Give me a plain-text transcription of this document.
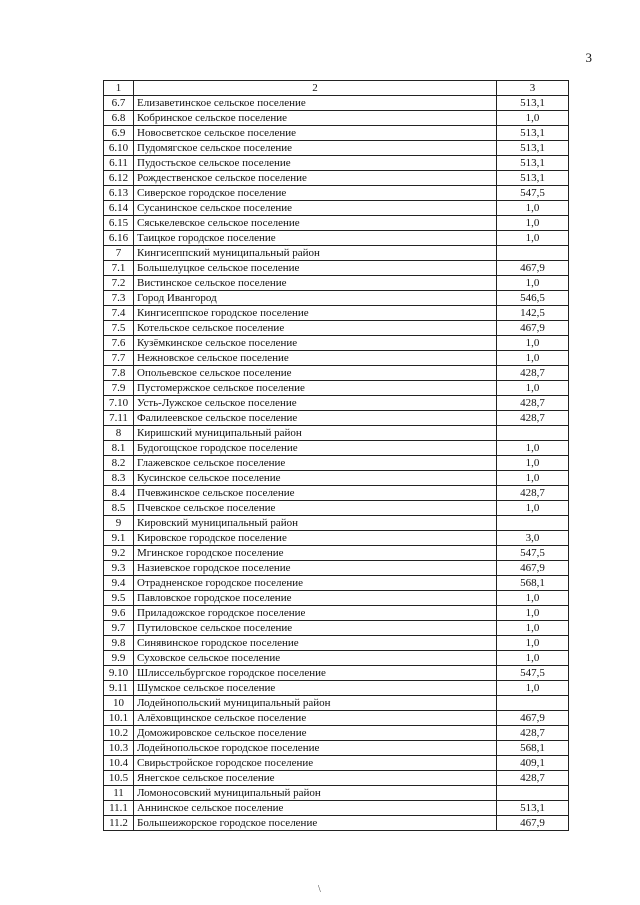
3
1	2	3
6.7	Елизаветинское сельское поселение	513,1
6.8	Кобринское сельское поселение	1,0
6.9	Новосветское сельское поселение	513,1
6.10	Пудомягское сельское поселение	513,1
6.11	Пудостьское сельское поселение	513,1
6.12	Рождественское сельское поселение	513,1
6.13	Сиверское городское поселение	547,5
6.14	Сусанинское сельское поселение	1,0
6.15	Сяськелевское сельское поселение	1,0
6.16	Таицкое городское поселение	1,0
7	Кингисеппский муниципальный район	
7.1	Большелуцкое сельское поселение	467,9
7.2	Вистинское сельское поселение	1,0
7.3	Город Ивангород	546,5
7.4	Кингисеппское городское поселение	142,5
7.5	Котельское сельское поселение	467,9
7.6	Кузёмкинское сельское поселение	1,0
7.7	Нежновское сельское поселение	1,0
7.8	Опольевское сельское поселение	428,7
7.9	Пустомержское сельское поселение	1,0
7.10	Усть-Лужское сельское поселение	428,7
7.11	Фалилеевское сельское поселение	428,7
8	Киришский муниципальный район	
8.1	Будогощское городское поселение	1,0
8.2	Глажевское сельское поселение	1,0
8.3	Кусинское сельское поселение	1,0
8.4	Пчевжинское сельское поселение	428,7
8.5	Пчевское сельское поселение	1,0
9	Кировский муниципальный район	
9.1	Кировское городское поселение	3,0
9.2	Мгинское городское поселение	547,5
9.3	Назиевское городское поселение	467,9
9.4	Отрадненское городское поселение	568,1
9.5	Павловское городское поселение	1,0
9.6	Приладожское городское поселение	1,0
9.7	Путиловское сельское поселение	1,0
9.8	Синявинское городское поселение	1,0
9.9	Суховское сельское поселение	1,0
9.10	Шлиссельбургское городское поселение	547,5
9.11	Шумское сельское поселение	1,0
10	Лодейнопольский муниципальный район	
10.1	Алёховщинское сельское поселение	467,9
10.2	Доможировское сельское поселение	428,7
10.3	Лодейнопольское городское поселение	568,1
10.4	Свирьстройское городское поселение	409,1
10.5	Янегское сельское поселение	428,7
11	Ломоносовский муниципальный район	
11.1	Аннинское сельское поселение	513,1
11.2	Большеижорское городское поселение	467,9
\
